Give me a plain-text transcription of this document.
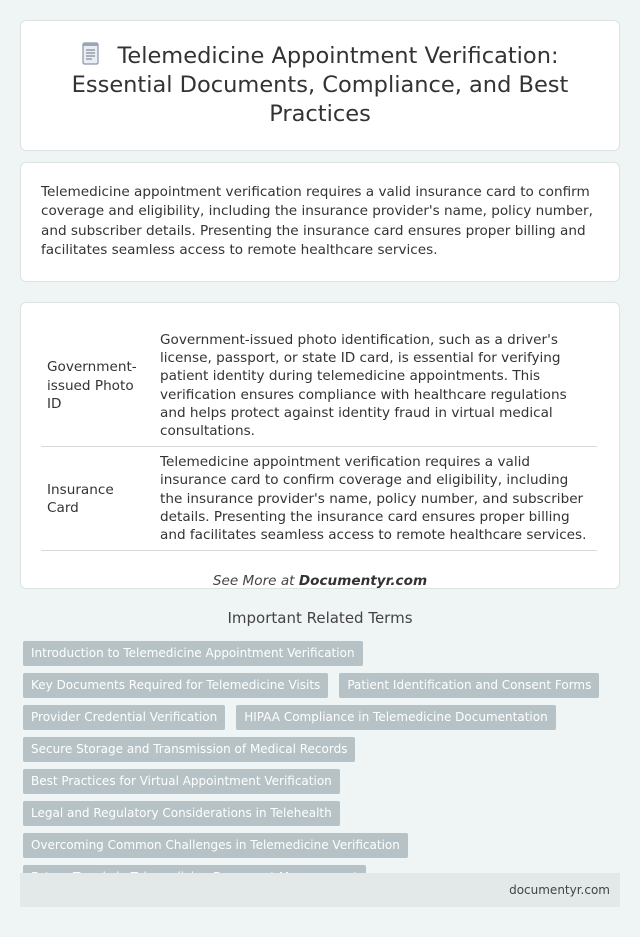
Telemedicine Appointment Verification: Essential Documents, Compliance, and Best Practices

Telemedicine appointment verification requires a valid insurance card to confirm coverage and eligibility, including the insurance provider's name, policy number, and subscriber details. Presenting the insurance card ensures proper billing and facilitates seamless access to remote healthcare services.

Government-issued Photo ID	Government-issued photo identification, such as a driver's license, passport, or state ID card, is essential for verifying patient identity during telemedicine appointments. This verification ensures compliance with healthcare regulations and helps protect against identity fraud in virtual medical consultations.
Insurance Card	Telemedicine appointment verification requires a valid insurance card to confirm coverage and eligibility, including the insurance provider's name, policy number, and subscriber details. Presenting the insurance card ensures proper billing and facilitates seamless access to remote healthcare services.

See More at Documentyr.com

Important Related Terms
Introduction to Telemedicine Appointment Verification
Key Documents Required for Telemedicine Visits	Patient Identification and Consent Forms
Provider Credential Verification	HIPAA Compliance in Telemedicine Documentation
Secure Storage and Transmission of Medical Records
Best Practices for Virtual Appointment Verification
Legal and Regulatory Considerations in Telehealth
Overcoming Common Challenges in Telemedicine Verification
documentyr.com
